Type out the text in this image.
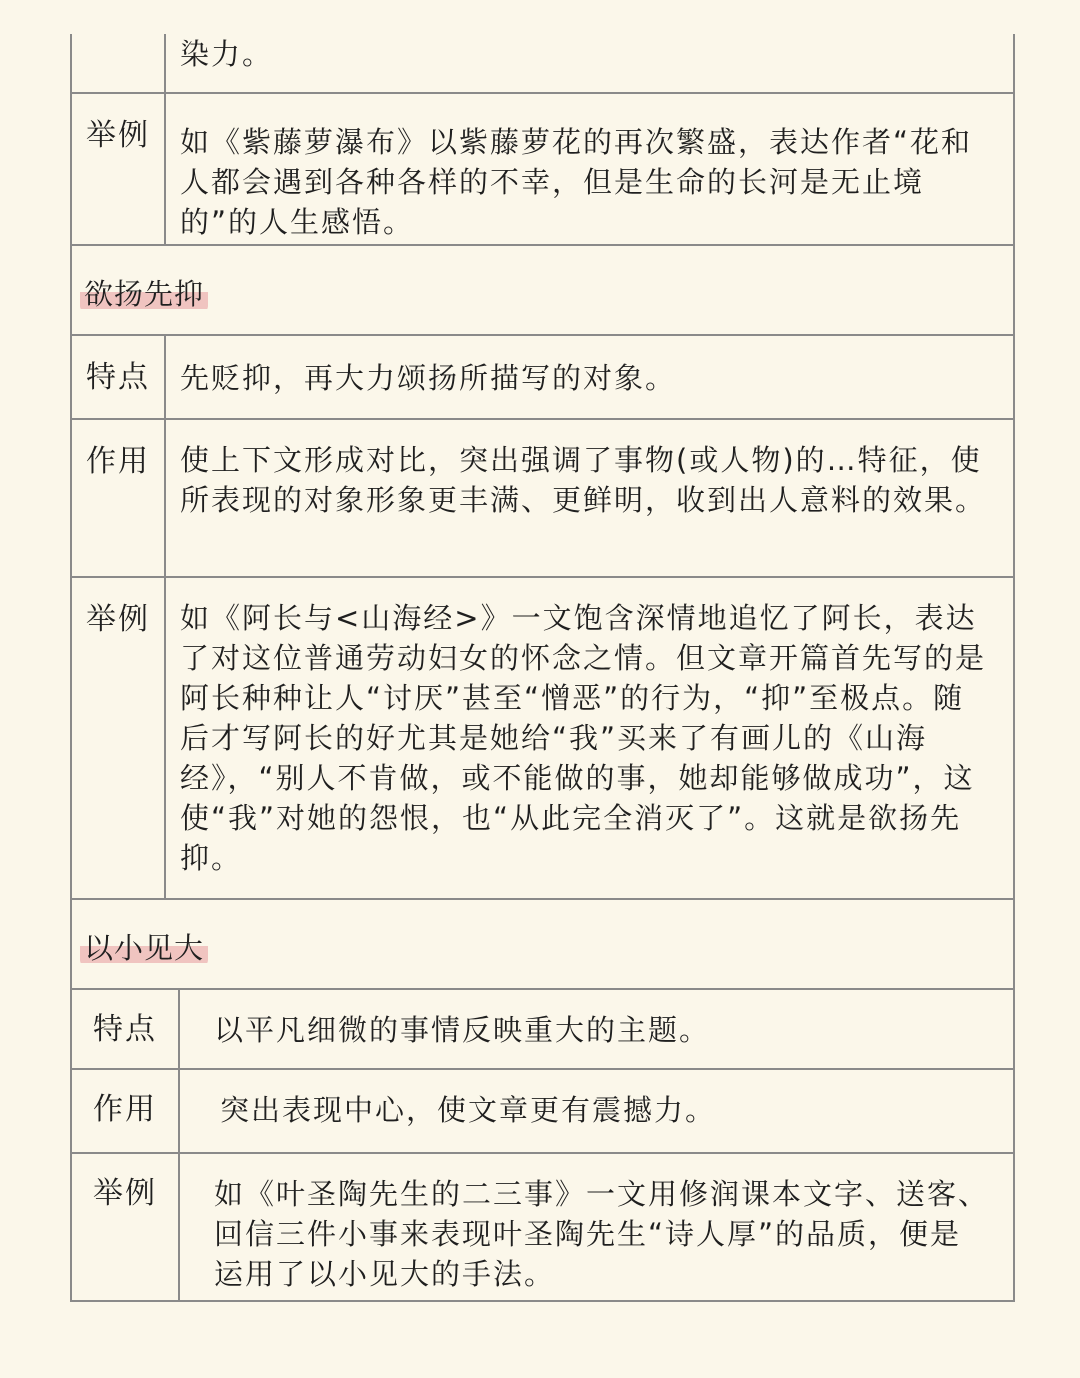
染力。
举例	如《紫藤萝瀑布》以紫藤萝花的再次繁盛，表达作者“花和人都会遇到各种各样的不幸，但是生命的长河是无止境的”的人生感悟。
欲扬先抑
特点	先贬抑，再大力颂扬所描写的对象。
作用	使上下文形成对比，突出强调了事物(或人物)的…特征，使所表现的对象形象更丰满、更鲜明，收到出人意料的效果。
举例	如《阿长与<山海经>》一文饱含深情地追忆了阿长，表达了对这位普通劳动妇女的怀念之情。但文章开篇首先写的是阿长种种让人“讨厌”甚至“憎恶”的行为，“抑”至极点。随后才写阿长的好尤其是她给“我”买来了有画儿的《山海经》，“别人不肯做，或不能做的事，她却能够做成功”，这使“我”对她的怨恨，也“从此完全消灭了”。这就是欲扬先抑。
以小见大
特点	以平凡细微的事情反映重大的主题。
作用	突出表现中心，使文章更有震撼力。
举例	如《叶圣陶先生的二三事》一文用修润课本文字、送客、回信三件小事来表现叶圣陶先生“诗人厚”的品质，便是运用了以小见大的手法。
